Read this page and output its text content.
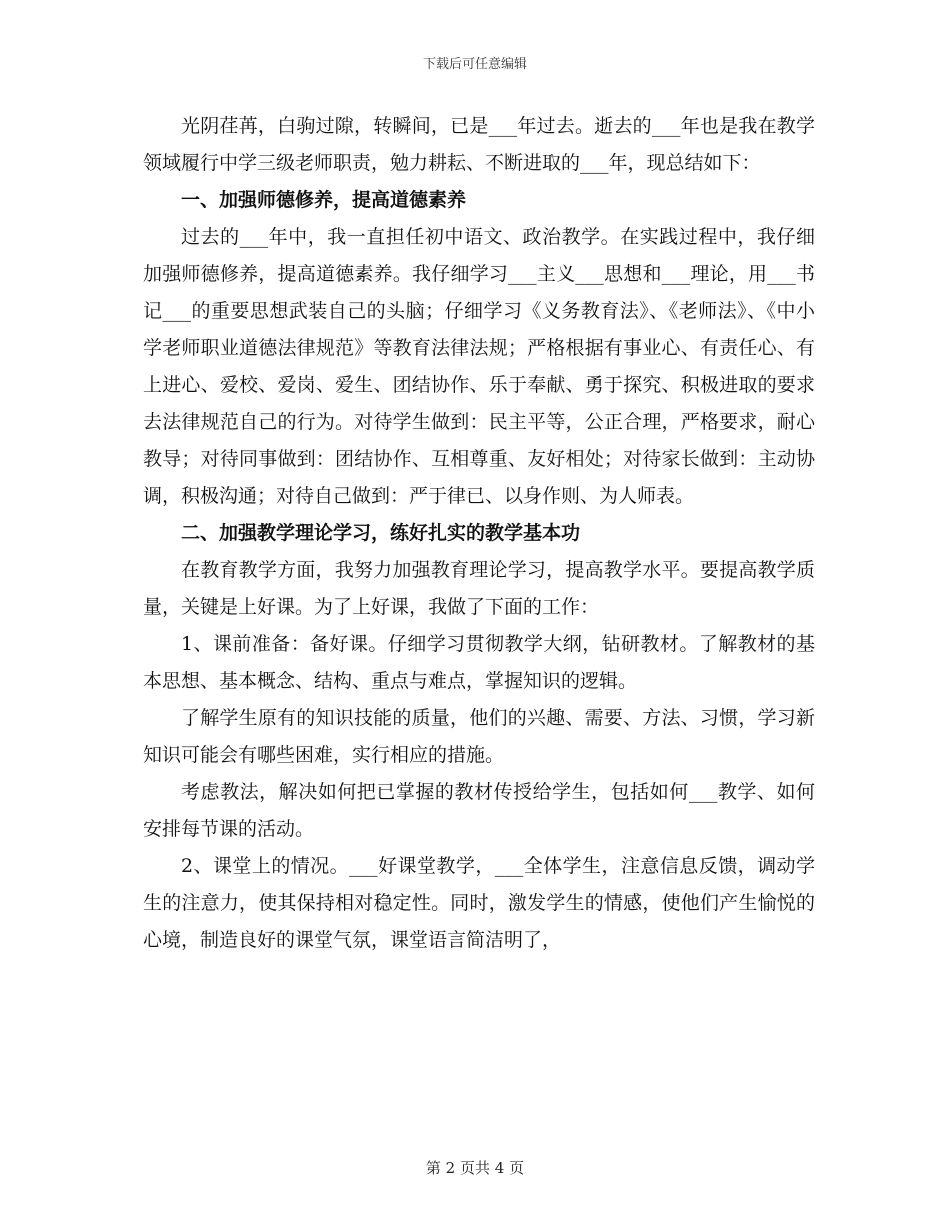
下载后可任意编辑

光阴荏苒，白驹过隙，转瞬间，已是___年过去。逝去的___年也是我在教学领域履行中学三级老师职责，勉力耕耘、不断进取的___年，现总结如下：

一、加强师德修养，提高道德素养

过去的___年中，我一直担任初中语文、政治教学。在实践过程中，我仔细加强师德修养，提高道德素养。我仔细学习___主义___思想和___理论，用___书记___的重要思想武装自己的头脑；仔细学习《义务教育法》、《老师法》、《中小学老师职业道德法律规范》等教育法律法规；严格根据有事业心、有责任心、有上进心、爱校、爱岗、爱生、团结协作、乐于奉献、勇于探究、积极进取的要求去法律规范自己的行为。对待学生做到：民主平等，公正合理，严格要求，耐心教导；对待同事做到：团结协作、互相尊重、友好相处；对待家长做到：主动协调，积极沟通；对待自己做到：严于律已、以身作则、为人师表。

二、加强教学理论学习，练好扎实的教学基本功

在教育教学方面，我努力加强教育理论学习，提高教学水平。要提高教学质量，关键是上好课。为了上好课，我做了下面的工作：

1、课前准备：备好课。仔细学习贯彻教学大纲，钻研教材。了解教材的基本思想、基本概念、结构、重点与难点，掌握知识的逻辑。

了解学生原有的知识技能的质量，他们的兴趣、需要、方法、习惯，学习新知识可能会有哪些困难，实行相应的措施。

考虑教法，解决如何把已掌握的教材传授给学生，包括如何___教学、如何安排每节课的活动。

2、课堂上的情况。___好课堂教学，___全体学生，注意信息反馈，调动学生的注意力，使其保持相对稳定性。同时，激发学生的情感，使他们产生愉悦的心境，制造良好的课堂气氛，课堂语言简洁明了，

第 2 页共 4 页
